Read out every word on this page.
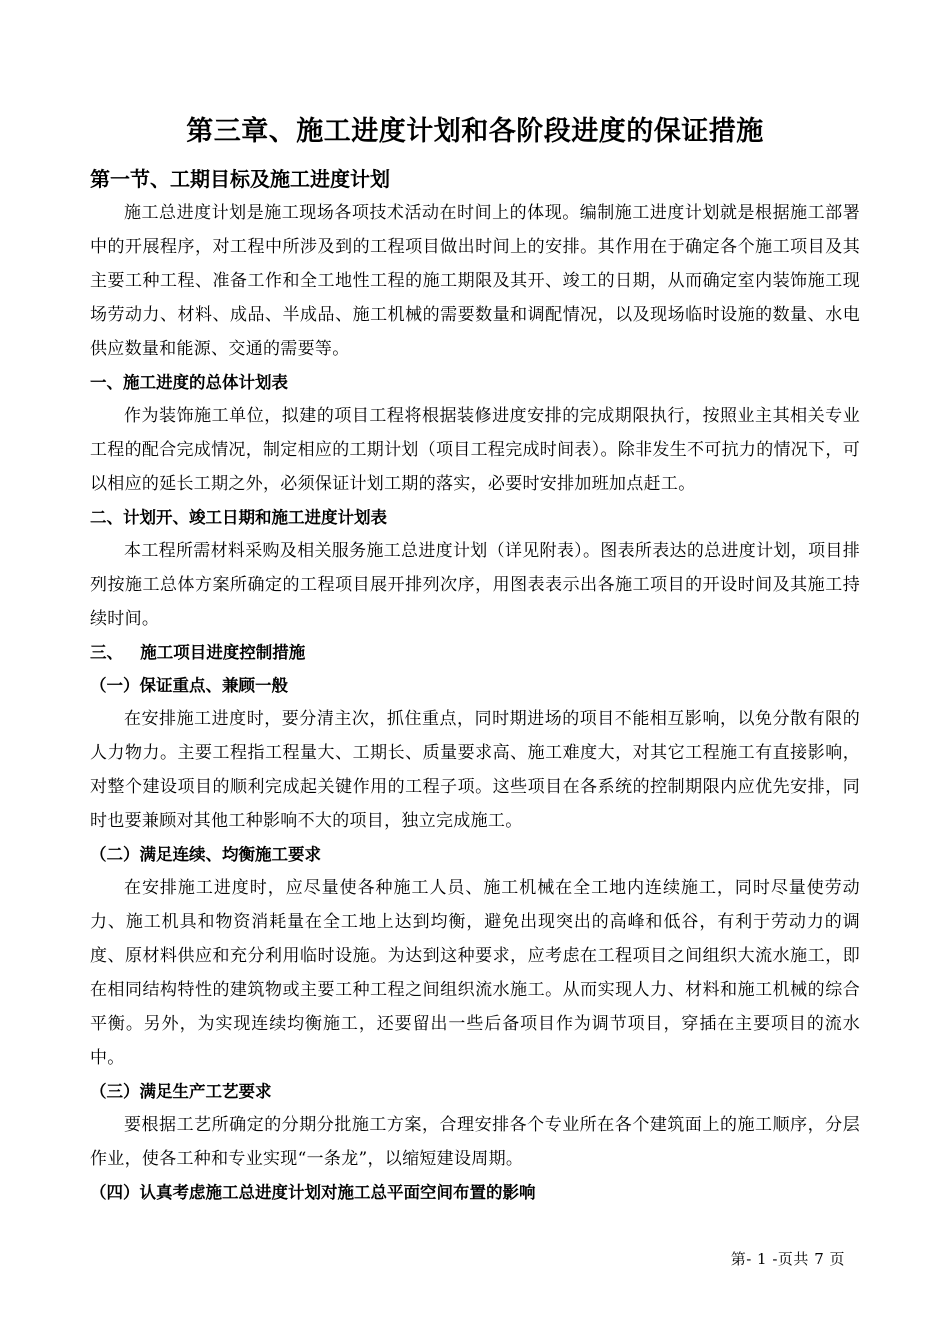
第三章、施工进度计划和各阶段进度的保证措施
第一节、工期目标及施工进度计划

施工总进度计划是施工现场各项技术活动在时间上的体现。编制施工进度计划就是根据施工部署中的开展程序，对工程中所涉及到的工程项目做出时间上的安排。其作用在于确定各个施工项目及其主要工种工程、准备工作和全工地性工程的施工期限及其开、竣工的日期，从而确定室内装饰施工现场劳动力、材料、成品、半成品、施工机械的需要数量和调配情况，以及现场临时设施的数量、水电供应数量和能源、交通的需要等。

一、施工进度的总体计划表

作为装饰施工单位，拟建的项目工程将根据装修进度安排的完成期限执行，按照业主其相关专业工程的配合完成情况，制定相应的工期计划（项目工程完成时间表）。除非发生不可抗力的情况下，可以相应的延长工期之外，必须保证计划工期的落实，必要时安排加班加点赶工。

二、计划开、竣工日期和施工进度计划表

本工程所需材料采购及相关服务施工总进度计划（详见附表）。图表所表达的总进度计划，项目排列按施工总体方案所确定的工程项目展开排列次序，用图表表示出各施工项目的开设时间及其施工持续时间。

三、   施工项目进度控制措施
（一）保证重点、兼顾一般

在安排施工进度时，要分清主次，抓住重点，同时期进场的项目不能相互影响，以免分散有限的人力物力。主要工程指工程量大、工期长、质量要求高、施工难度大，对其它工程施工有直接影响，对整个建设项目的顺利完成起关键作用的工程子项。这些项目在各系统的控制期限内应优先安排，同时也要兼顾对其他工种影响不大的项目，独立完成施工。

（二）满足连续、均衡施工要求

在安排施工进度时，应尽量使各种施工人员、施工机械在全工地内连续施工，同时尽量使劳动力、施工机具和物资消耗量在全工地上达到均衡，避免出现突出的高峰和低谷，有利于劳动力的调度、原材料供应和充分利用临时设施。为达到这种要求，应考虑在工程项目之间组织大流水施工，即在相同结构特性的建筑物或主要工种工程之间组织流水施工。从而实现人力、材料和施工机械的综合平衡。另外，为实现连续均衡施工，还要留出一些后备项目作为调节项目，穿插在主要项目的流水中。

（三）满足生产工艺要求

要根据工艺所确定的分期分批施工方案，合理安排各个专业所在各个建筑面上的施工顺序，分层作业，使各工种和专业实现“一条龙”，以缩短建设周期。

（四）认真考虑施工总进度计划对施工总平面空间布置的影响
第- 1 -页共 7 页
